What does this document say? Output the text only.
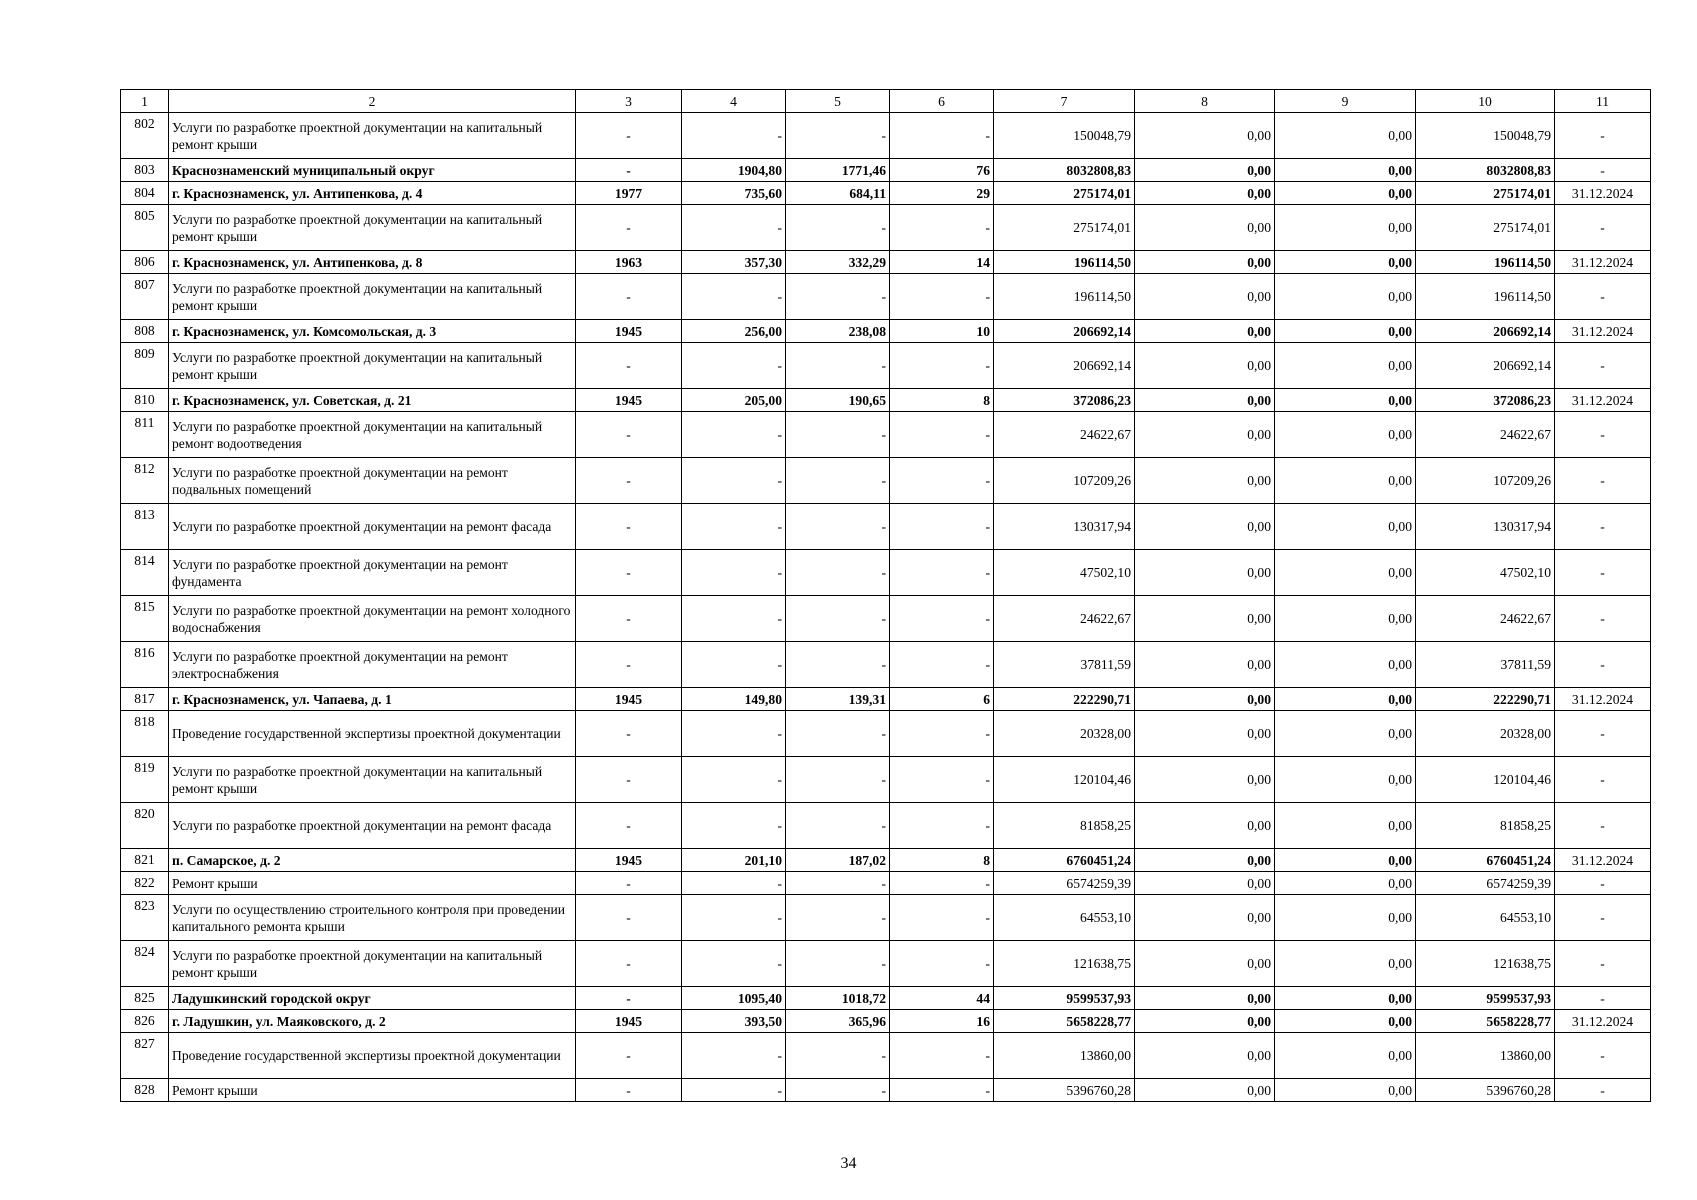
1	2	3	4	5	6	7	8	9	10	11
802	Услуги по разработке проектной документации на капитальный ремонт крыши	-	-	-	-	150048,79	0,00	0,00	150048,79	-
803	Краснознаменский муниципальный округ	-	1904,80	1771,46	76	8032808,83	0,00	0,00	8032808,83	-
804	г. Краснознаменск, ул. Антипенкова, д. 4	1977	735,60	684,11	29	275174,01	0,00	0,00	275174,01	31.12.2024
805	Услуги по разработке проектной документации на капитальный ремонт крыши	-	-	-	-	275174,01	0,00	0,00	275174,01	-
806	г. Краснознаменск, ул. Антипенкова, д. 8	1963	357,30	332,29	14	196114,50	0,00	0,00	196114,50	31.12.2024
807	Услуги по разработке проектной документации на капитальный ремонт крыши	-	-	-	-	196114,50	0,00	0,00	196114,50	-
808	г. Краснознаменск, ул. Комсомольская, д. 3	1945	256,00	238,08	10	206692,14	0,00	0,00	206692,14	31.12.2024
809	Услуги по разработке проектной документации на капитальный ремонт крыши	-	-	-	-	206692,14	0,00	0,00	206692,14	-
810	г. Краснознаменск, ул. Советская, д. 21	1945	205,00	190,65	8	372086,23	0,00	0,00	372086,23	31.12.2024
811	Услуги по разработке проектной документации на капитальный ремонт водоотведения	-	-	-	-	24622,67	0,00	0,00	24622,67	-
812	Услуги по разработке проектной документации на ремонт подвальных помещений	-	-	-	-	107209,26	0,00	0,00	107209,26	-
813	Услуги по разработке проектной документации на ремонт фасада	-	-	-	-	130317,94	0,00	0,00	130317,94	-
814	Услуги по разработке проектной документации на ремонт фундамента	-	-	-	-	47502,10	0,00	0,00	47502,10	-
815	Услуги по разработке проектной документации на ремонт холодного водоснабжения	-	-	-	-	24622,67	0,00	0,00	24622,67	-
816	Услуги по разработке проектной документации на ремонт электроснабжения	-	-	-	-	37811,59	0,00	0,00	37811,59	-
817	г. Краснознаменск, ул. Чапаева, д. 1	1945	149,80	139,31	6	222290,71	0,00	0,00	222290,71	31.12.2024
818	Проведение государственной экспертизы проектной документации	-	-	-	-	20328,00	0,00	0,00	20328,00	-
819	Услуги по разработке проектной документации на капитальный ремонт крыши	-	-	-	-	120104,46	0,00	0,00	120104,46	-
820	Услуги по разработке проектной документации на ремонт фасада	-	-	-	-	81858,25	0,00	0,00	81858,25	-
821	п. Самарское, д. 2	1945	201,10	187,02	8	6760451,24	0,00	0,00	6760451,24	31.12.2024
822	Ремонт крыши	-	-	-	-	6574259,39	0,00	0,00	6574259,39	-
823	Услуги по осуществлению строительного контроля при проведении капитального ремонта крыши	-	-	-	-	64553,10	0,00	0,00	64553,10	-
824	Услуги по разработке проектной документации на капитальный ремонт крыши	-	-	-	-	121638,75	0,00	0,00	121638,75	-
825	Ладушкинский городской округ	-	1095,40	1018,72	44	9599537,93	0,00	0,00	9599537,93	-
826	г. Ладушкин, ул. Маяковского, д. 2	1945	393,50	365,96	16	5658228,77	0,00	0,00	5658228,77	31.12.2024
827	Проведение государственной экспертизы проектной документации	-	-	-	-	13860,00	0,00	0,00	13860,00	-
828	Ремонт крыши	-	-	-	-	5396760,28	0,00	0,00	5396760,28	-
34
